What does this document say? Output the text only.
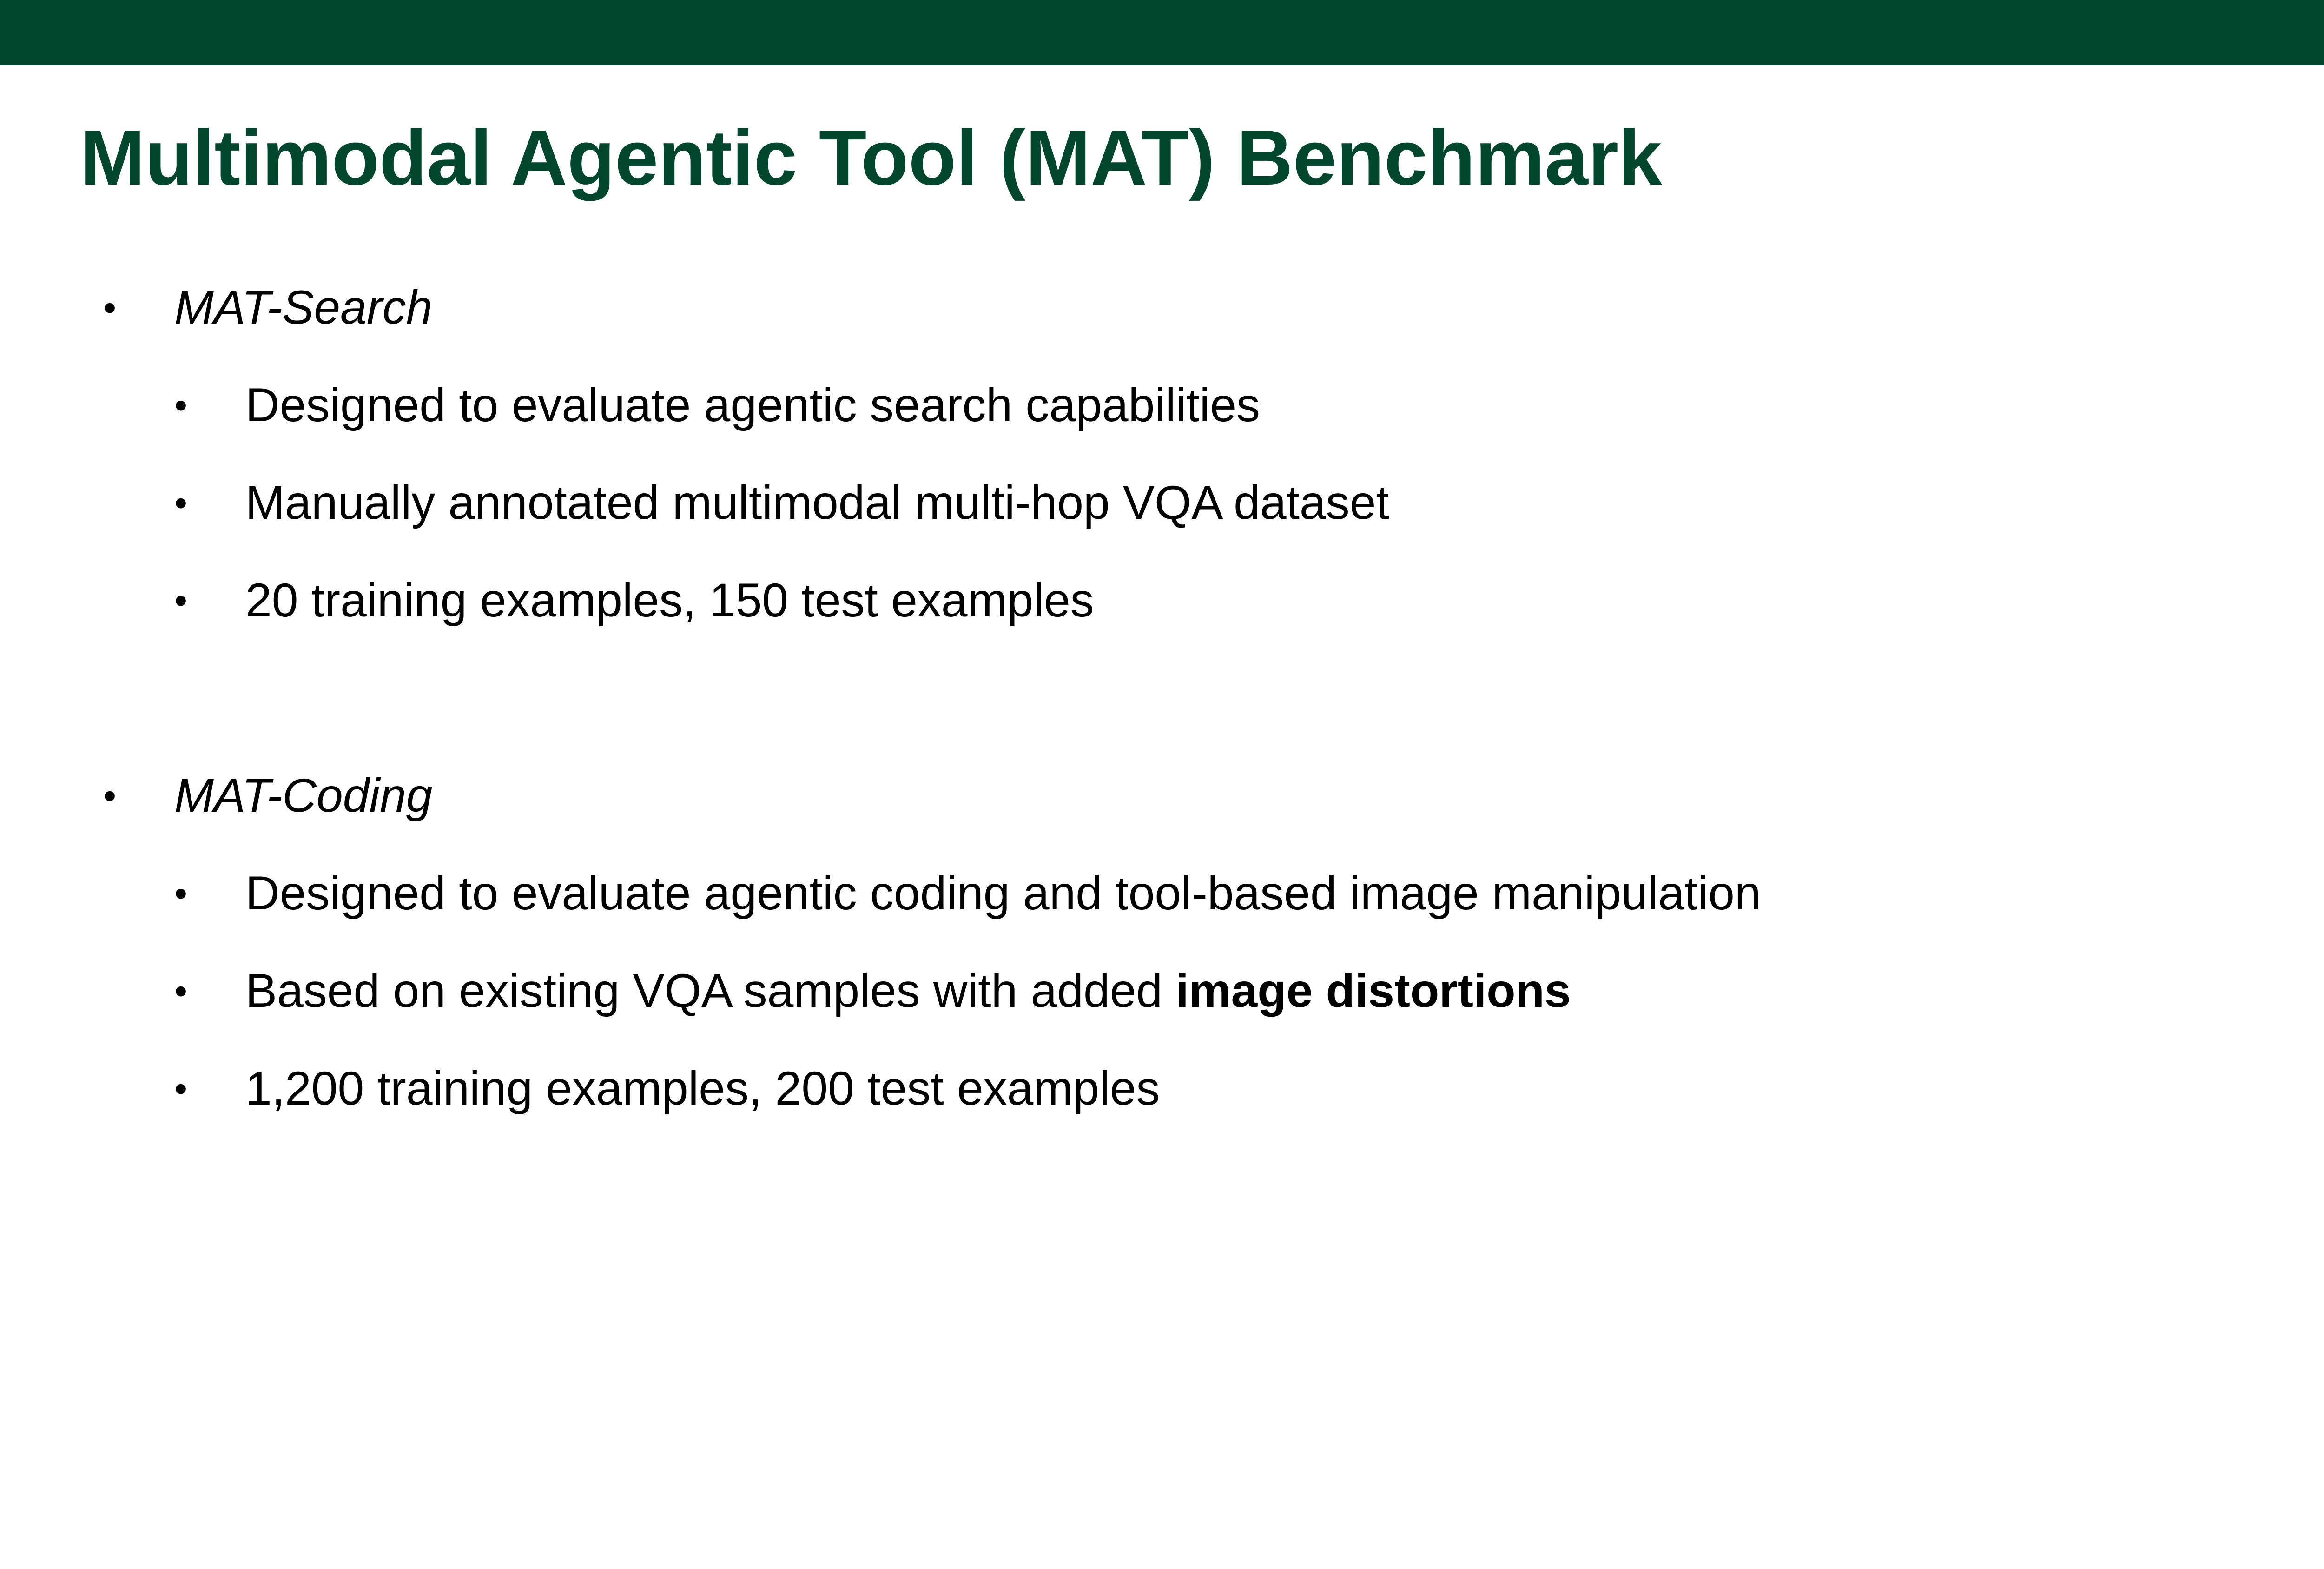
Multimodal Agentic Tool (MAT) Benchmark
• MAT-Search
• Designed to evaluate agentic search capabilities
• Manually annotated multimodal multi-hop VQA dataset
• 20 training examples, 150 test examples
• MAT-Coding
• Designed to evaluate agentic coding and tool-based image manipulation
• Based on existing VQA samples with added image distortions
• 1,200 training examples, 200 test examples
